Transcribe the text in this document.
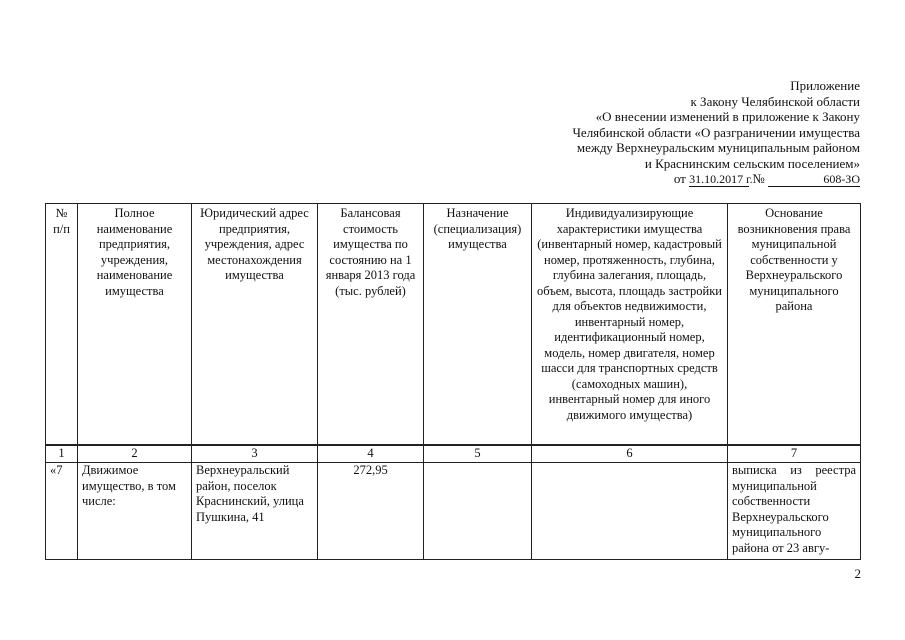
Приложение
к Закону Челябинской области
«О внесении изменений в приложение к Закону
Челябинской области «О разграничении имущества
между Верхнеуральским муниципальным районом
и Краснинским сельским поселением»
от 31.10.2017 г. №	608-ЗО
№ п/п	Полное наименование предприятия, учреждения, наименование имущества	Юридический адрес предприятия, учреждения, адрес местонахождения имущества	Балансовая стоимость имущества по состоянию на 1 января 2013 года (тыс. рублей)	Назначение (специализация) имущества	Индивидуализирующие характеристики имущества (инвентарный номер, кадастровый номер, протяженность, глубина, глубина залегания, площадь, объем, высота, площадь застройки для объектов недвижимости, инвентарный номер, идентификационный номер, модель, номер двигателя, номер шасси для транспортных средств (самоходных машин), инвентарный номер для иного движимого имущества)	Основание возникновения права муниципальной собственности у Верхнеуральского муниципального района
1	2	3	4	5	6	7
«7	Движимое имущество, в том числе:	Верхнеуральский район, поселок Краснинский, улица Пушкина, 41	272,95			выписка из реестра муниципальной собственности Верхнеуральского муниципального района от 23 авгу-
2
